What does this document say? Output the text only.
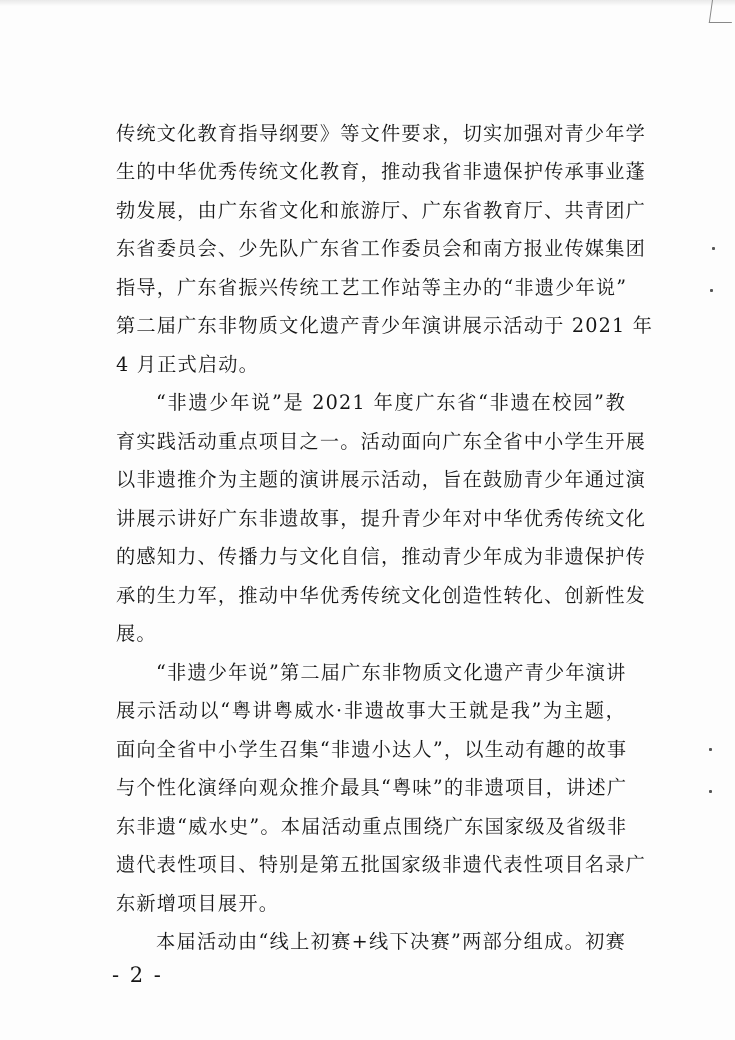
传统文化教育指导纲要》等文件要求，切实加强对青少年学
生的中华优秀传统文化教育，推动我省非遗保护传承事业蓬
勃发展，由广东省文化和旅游厅、广东省教育厅、共青团广
东省委员会、少先队广东省工作委员会和南方报业传媒集团
指导，广东省振兴传统工艺工作站等主办的“非遗少年说”
第二届广东非物质文化遗产青少年演讲展示活动于 2021 年
4 月正式启动。
“非遗少年说”是 2021 年度广东省“非遗在校园”教
育实践活动重点项目之一。活动面向广东全省中小学生开展
以非遗推介为主题的演讲展示活动，旨在鼓励青少年通过演
讲展示讲好广东非遗故事，提升青少年对中华优秀传统文化
的感知力、传播力与文化自信，推动青少年成为非遗保护传
承的生力军，推动中华优秀传统文化创造性转化、创新性发
展。
“非遗少年说”第二届广东非物质文化遗产青少年演讲
展示活动以“粤讲粤威水·非遗故事大王就是我”为主题，
面向全省中小学生召集“非遗小达人”，以生动有趣的故事
与个性化演绎向观众推介最具“粤味”的非遗项目，讲述广
东非遗“威水史”。本届活动重点围绕广东国家级及省级非
遗代表性项目、特别是第五批国家级非遗代表性项目名录广
东新增项目展开。
本届活动由“线上初赛+线下决赛”两部分组成。初赛
- 2 -
